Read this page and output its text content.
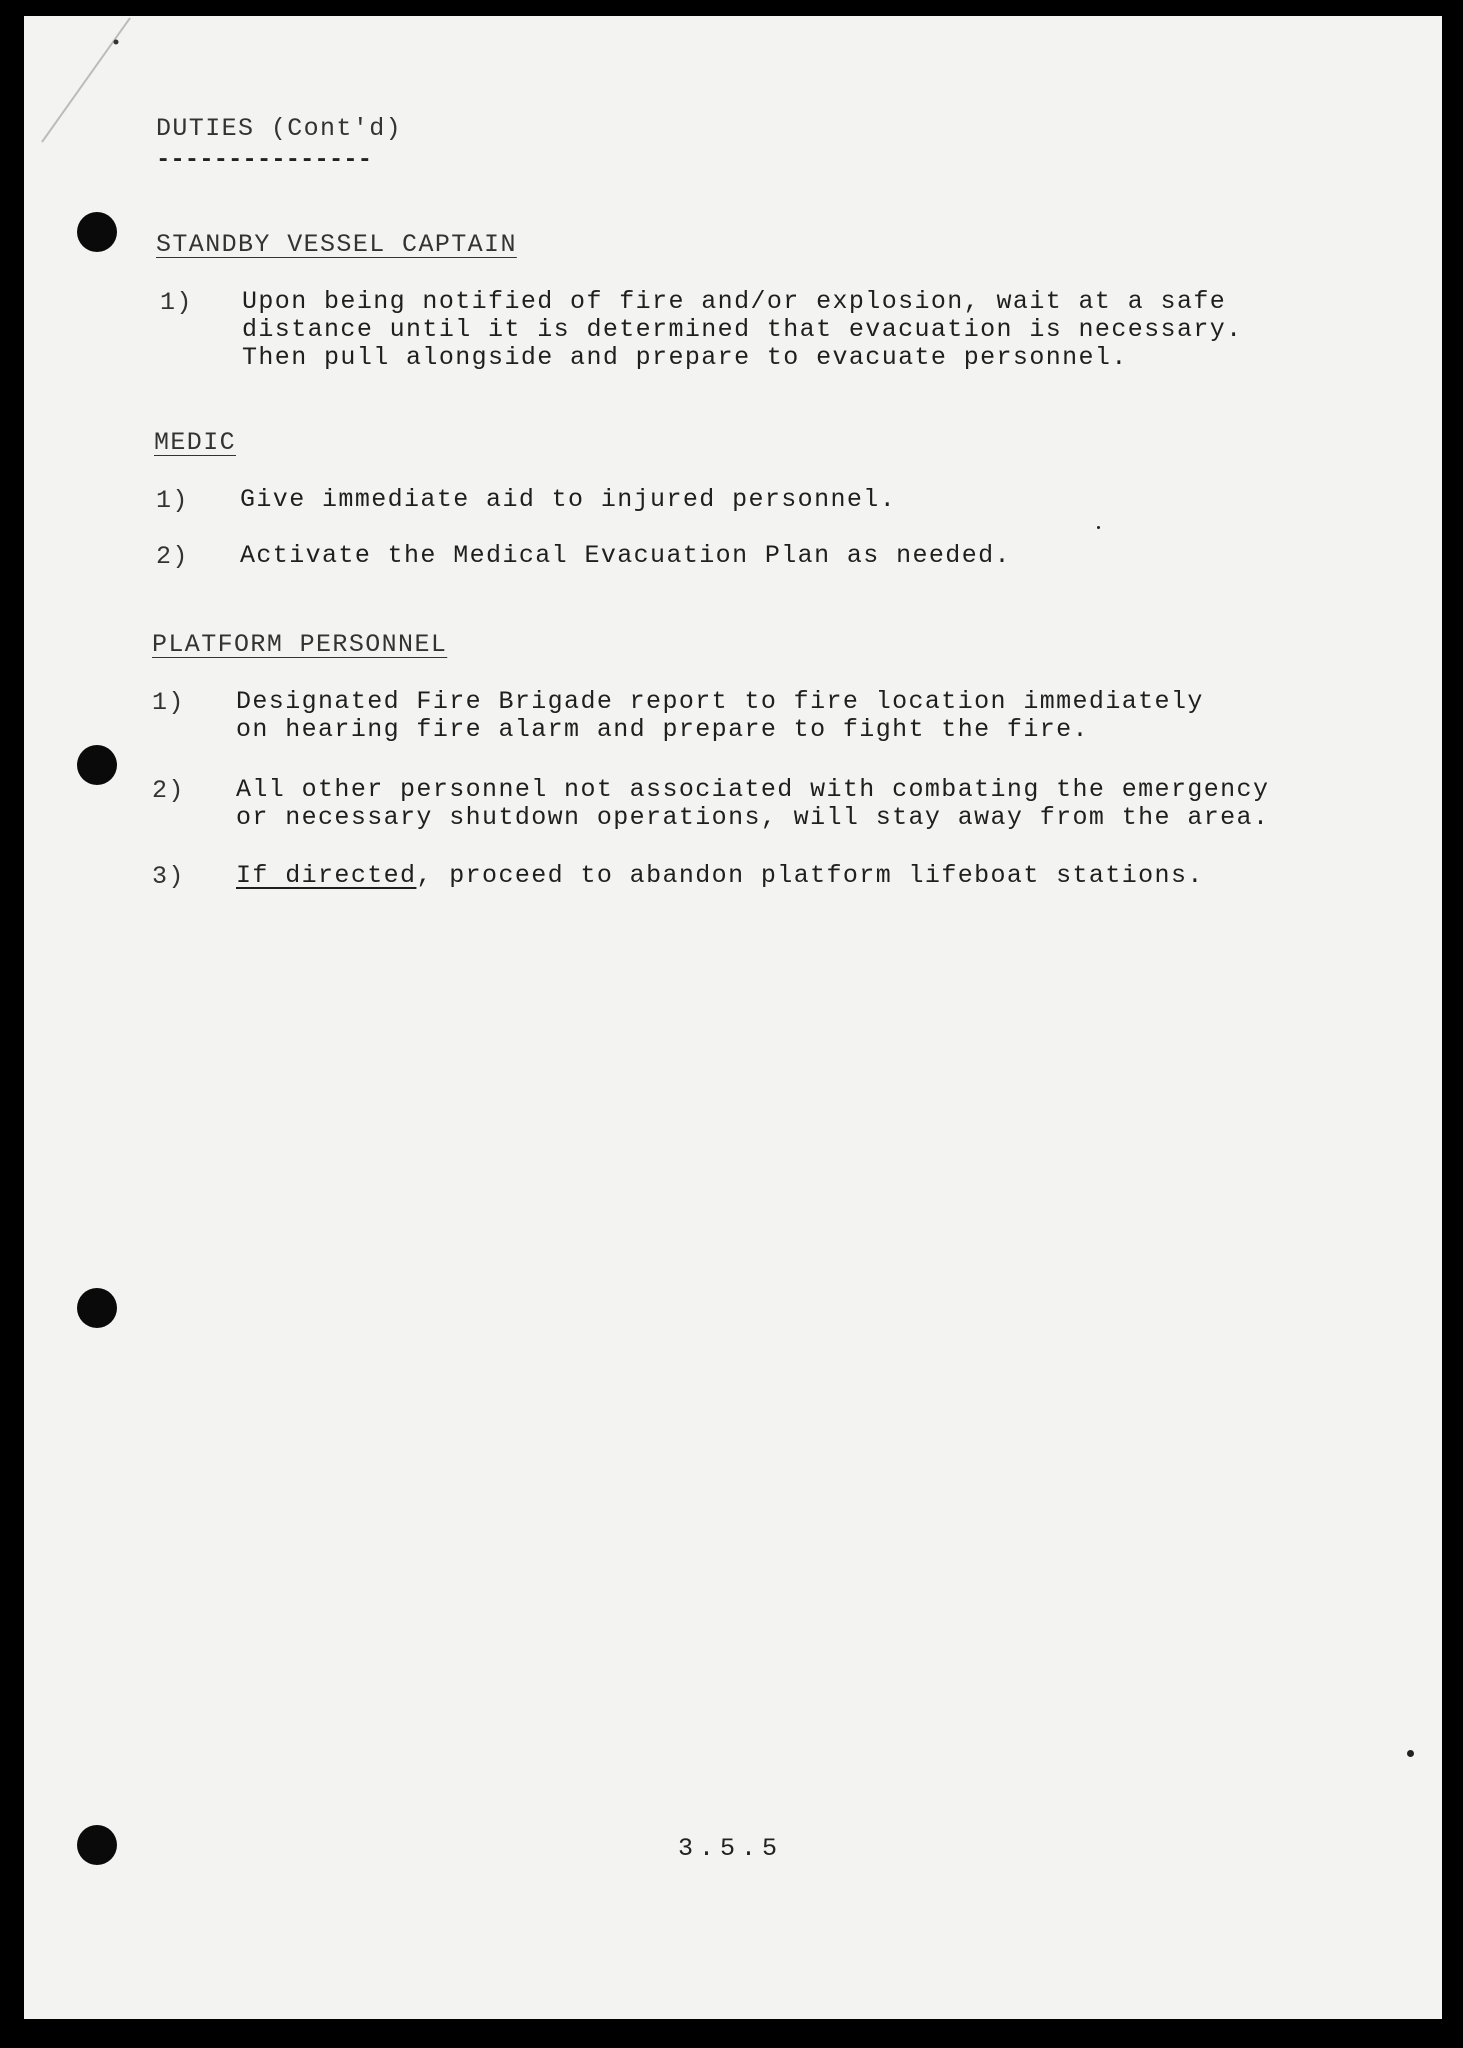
DUTIES (Cont'd)
---------------
STANDBY VESSEL CAPTAIN
1) Upon being notified of fire and/or explosion, wait at a safe
distance until it is determined that evacuation is necessary.
Then pull alongside and prepare to evacuate personnel.
MEDIC
1) Give immediate aid to injured personnel.
2) Activate the Medical Evacuation Plan as needed.
PLATFORM PERSONNEL
1) Designated Fire Brigade report to fire location immediately
on hearing fire alarm and prepare to fight the fire.
2) All other personnel not associated with combating the emergency
or necessary shutdown operations, will stay away from the area.
3) If directed, proceed to abandon platform lifeboat stations.
3.5.5
